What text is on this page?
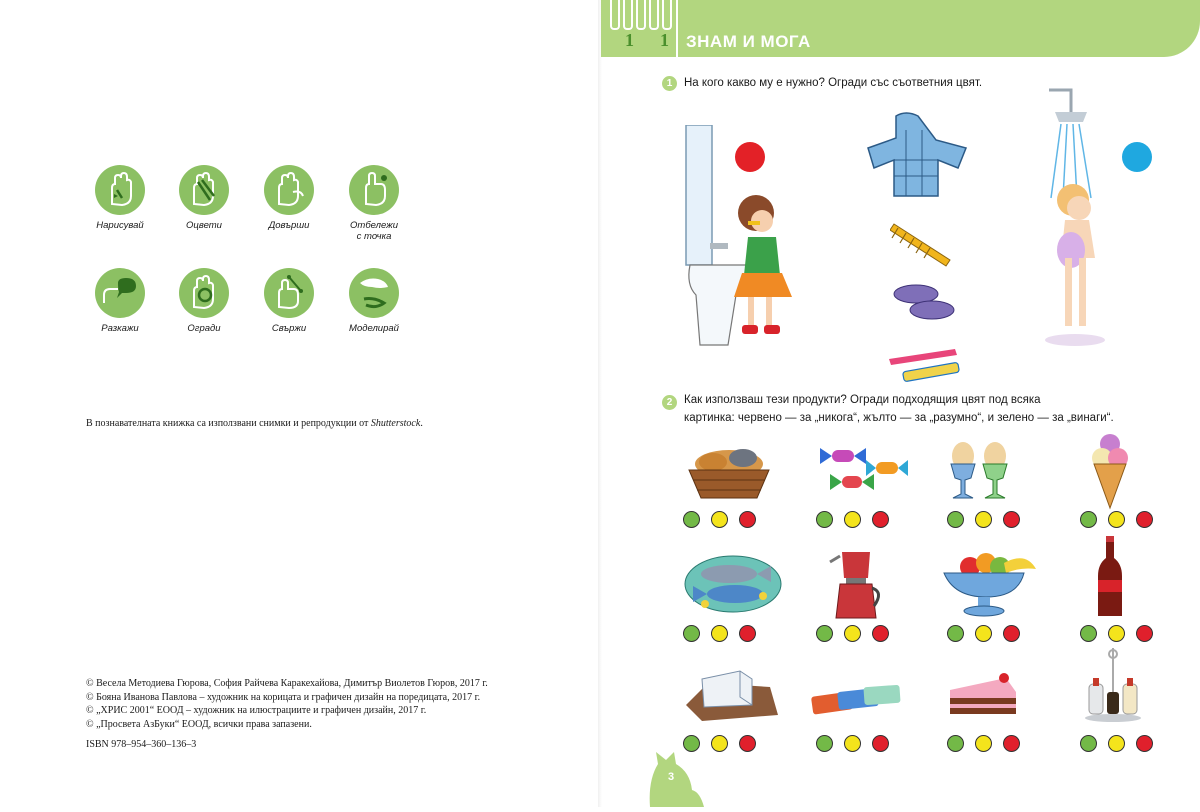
Нарисувай	Оцвети	Довърши	Отбележи
с точка
Разкажи	Огради	Свържи	Моделирай
В познавателната книжка са използвани снимки и репродукции от Shutterstock.
© Весела Методиева Гюрова, София Райчева Каракехайова, Димитър Виолетов Гюров, 2017 г.
© Бояна Иванова Павлова – художник на корицата и графичен дизайн на поредицата, 2017 г.
© „ХРИС 2001“ ЕООД – художник на илюстрациите и графичен дизайн, 2017 г.
© „Просвета АзБуки“ ЕООД, всички права запазени.
ISBN 978–954–360–136–3
1 1 ЗНАМ И МОГА
1	На кого какво му е нужно? Огради със съответния цвят.
2	Как използваш тези продукти? Огради подходящия цвят под всяка
картинка: червено — за „никога“, жълто — за „разумно“, и зелено — за „винаги“.
3
